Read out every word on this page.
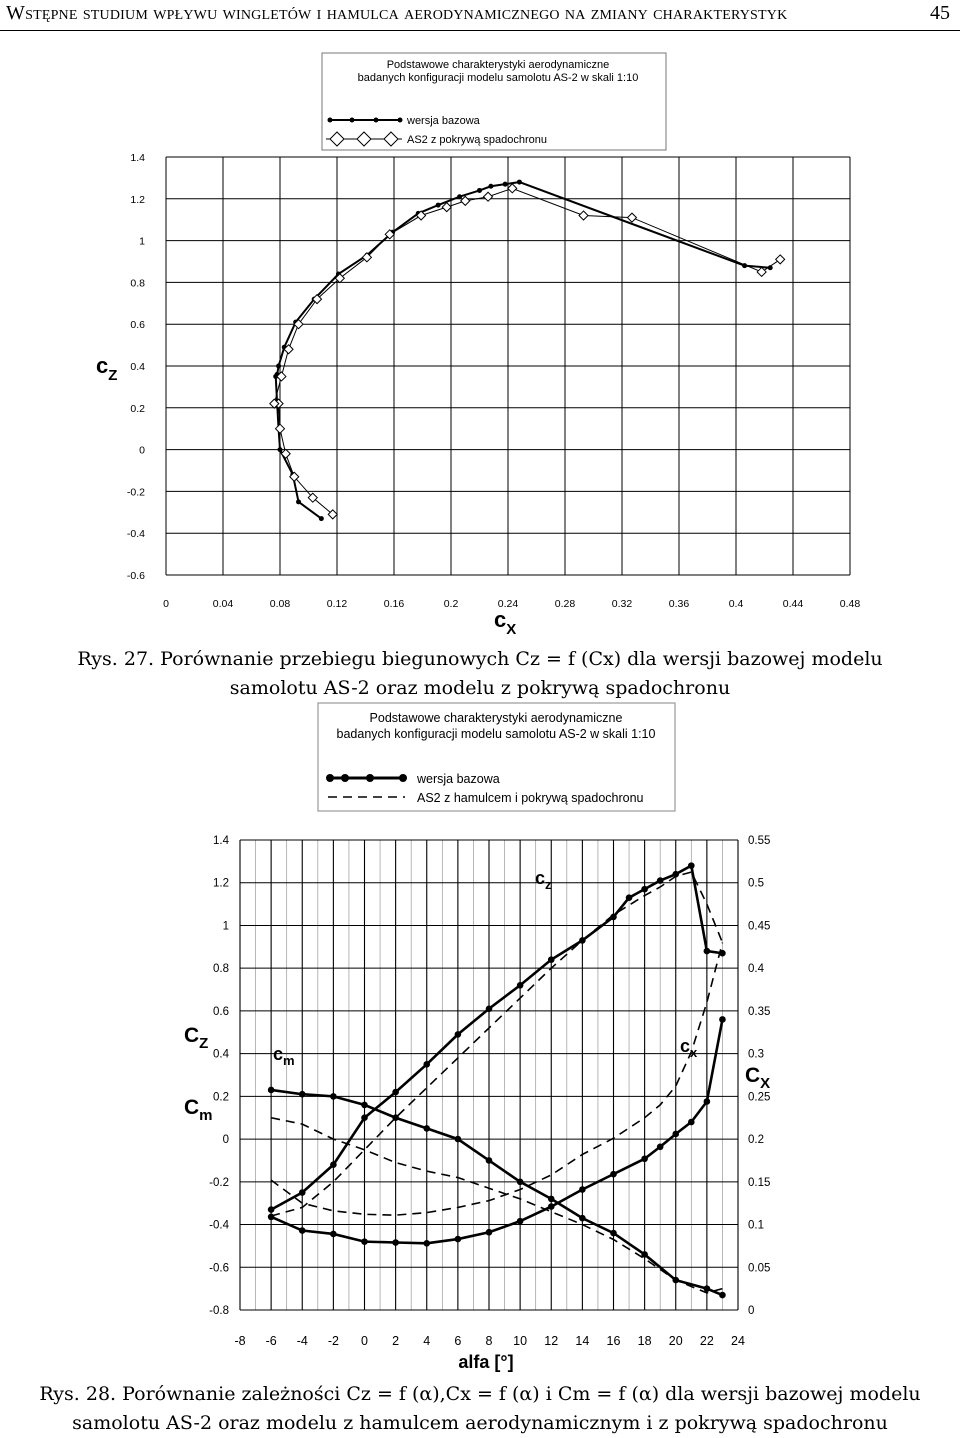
Wstępne studium wpływu wingletów i hamulca aerodynamicznego na zmiany charakterystyk	45
0	0.04	0.08	0.12	0.16	0.2	0.24	0.28	0.32	0.36	0.4	0.44	0.48
1.4
1.2
1
0.8
0.6
0.4
0.2
0
-0.2
-0.4
-0.6
$c_X$
$c_Z$
Podstawowe charakterystyki aerodynamiczne
badanych konfiguracji modelu samolotu AS-2 w skali 1:10
wersja bazowa
AS2 z pokrywą spadochronu
Rys. 27. Porównanie przebiegu biegunowych Cz = f (Cx) dla wersji bazowej modelu
samolotu AS-2 oraz modelu z pokrywą spadochronu
1.4
1.2
1
0.8
0.6
0.4
0.2
0
-0.2
-0.4
-0.6
-0.8
0.55
0.5
0.45
0.4
0.35
0.3
0.25
0.2
0.15
0.1
0.05
0
-8 -6 -4 -2 0 2 4 6 8 10 12 14 16 18 20 22 24
alfa [°]
$C_Z$
$C_m$
$C_X$
$c_z$
$c_m$
$c_x$
Podstawowe charakterystyki aerodynamiczne
badanych konfiguracji modelu samolotu AS-2 w skali 1:10
wersja bazowa
AS2 z hamulcem i pokrywą spadochronu
Rys. 28. Porównanie zależności Cz = f (α),Cx = f (α) i Cm = f (α) dla wersji bazowej modelu
samolotu AS-2 oraz modelu z hamulcem aerodynamicznym i z pokrywą spadochronu
